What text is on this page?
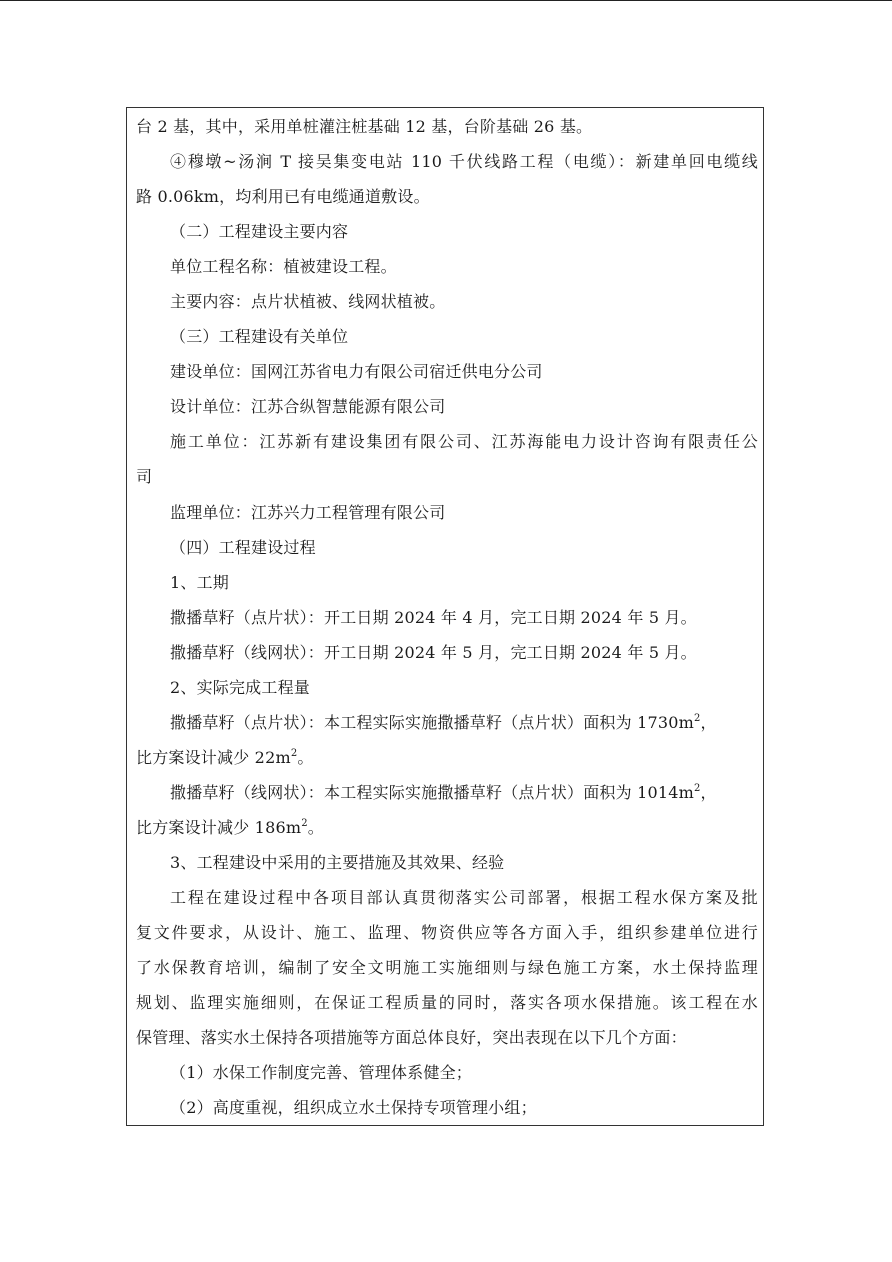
台 2 基，其中，采用单桩灌注桩基础 12 基，台阶基础 26 基。
④穆墩~汤涧 T 接吴集变电站 110 千伏线路工程（电缆）：新建单回电缆线
路 0.06km，均利用已有电缆通道敷设。
（二）工程建设主要内容
单位工程名称：植被建设工程。
主要内容：点片状植被、线网状植被。
（三）工程建设有关单位
建设单位：国网江苏省电力有限公司宿迁供电分公司
设计单位：江苏合纵智慧能源有限公司
施工单位：江苏新有建设集团有限公司、江苏海能电力设计咨询有限责任公
司
监理单位：江苏兴力工程管理有限公司
（四）工程建设过程
1、工期
撒播草籽（点片状）：开工日期 2024 年 4 月，完工日期 2024 年 5 月。
撒播草籽（线网状）：开工日期 2024 年 5 月，完工日期 2024 年 5 月。
2、实际完成工程量
撒播草籽（点片状）：本工程实际实施撒播草籽（点片状）面积为 $1730m^2$，
比方案设计减少 $22m^2$。
撒播草籽（线网状）：本工程实际实施撒播草籽（点片状）面积为 $1014m^2$，
比方案设计减少 $186m^2$。
3、工程建设中采用的主要措施及其效果、经验
工程在建设过程中各项目部认真贯彻落实公司部署，根据工程水保方案及批
复文件要求，从设计、施工、监理、物资供应等各方面入手，组织参建单位进行
了水保教育培训，编制了安全文明施工实施细则与绿色施工方案，水土保持监理
规划、监理实施细则，在保证工程质量的同时，落实各项水保措施。该工程在水
保管理、落实水土保持各项措施等方面总体良好，突出表现在以下几个方面：
（1）水保工作制度完善、管理体系健全；
（2）高度重视，组织成立水土保持专项管理小组；
